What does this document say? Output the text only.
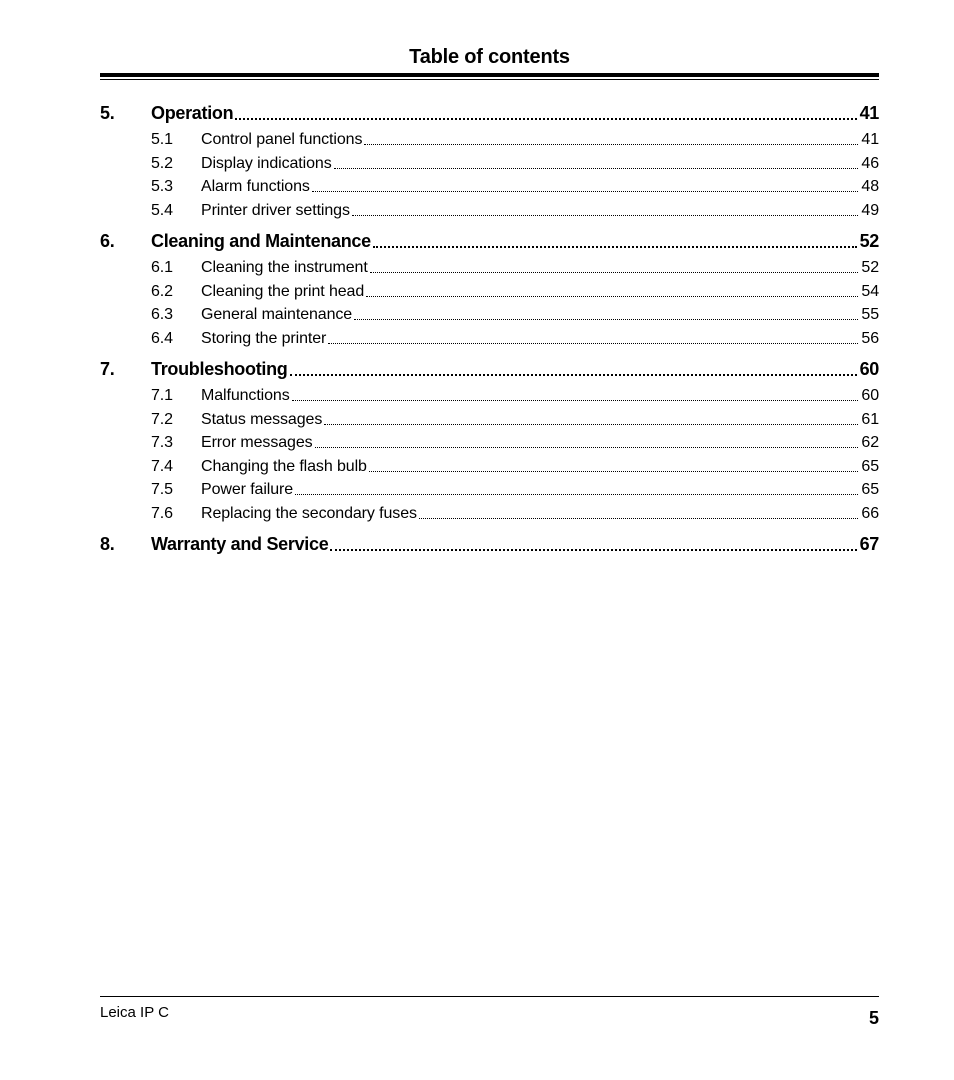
Table of contents
5.	Operation	41
5.1	Control panel functions	41
5.2	Display indications	46
5.3	Alarm functions	48
5.4	Printer driver settings	49
6.	Cleaning and Maintenance	52
6.1	Cleaning the instrument	52
6.2	Cleaning the print head	54
6.3	General maintenance	55
6.4	Storing the printer	56
7.	Troubleshooting	60
7.1	Malfunctions	60
7.2	Status messages	61
7.3	Error messages	62
7.4	Changing the flash bulb	65
7.5	Power failure	65
7.6	Replacing the secondary fuses	66
8.	Warranty and Service	67
Leica IP C	5
